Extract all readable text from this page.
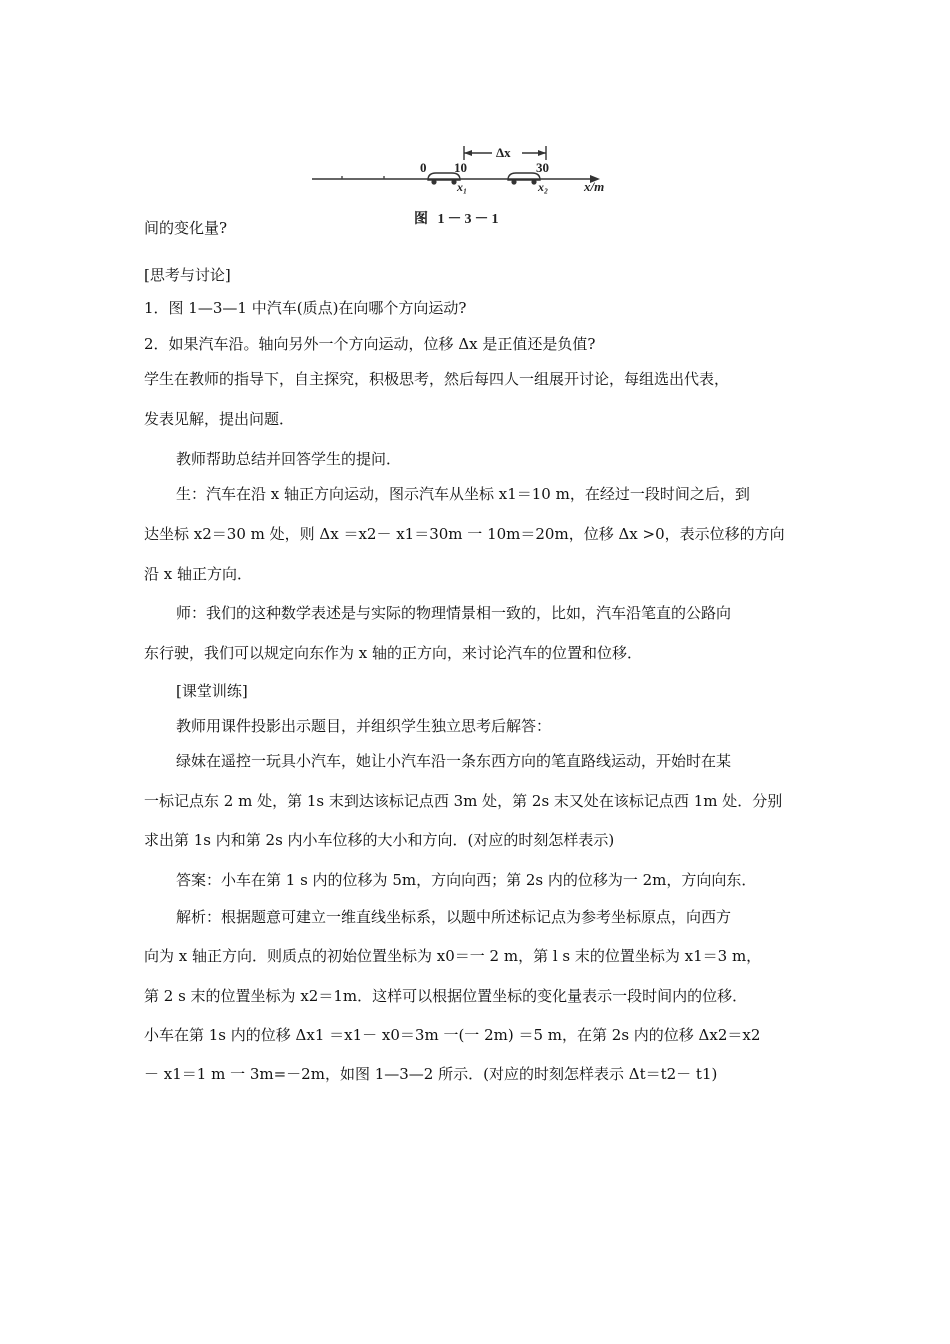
Δx
0 10	30
x₁	x₂	x/m
图 1－3－1
间的变化量?
[思考与讨论]
1．图 1—3—1 中汽车(质点)在向哪个方向运动?
2．如果汽车沿。轴向另外一个方向运动，位移 Δx 是正值还是负值?
学生在教师的指导下，自主探究，积极思考，然后每四人一组展开讨论，每组选出代表，
发表见解，提出问题．
教师帮助总结并回答学生的提问．
生：汽车在沿 x 轴正方向运动，图示汽车从坐标 x1＝10 m，在经过一段时间之后，到
达坐标 x2＝30 m 处，则 Δx ＝x2－ x1＝30m 一 10m＝20m，位移 Δx >0，表示位移的方向
沿 x 轴正方向．
师：我们的这种数学表述是与实际的物理情景相一致的，比如，汽车沿笔直的公路向
东行驶，我们可以规定向东作为 x 轴的正方向，来讨论汽车的位置和位移．
[课堂训练]
教师用课件投影出示题目，并组织学生独立思考后解答：
绿妹在遥控一玩具小汽车，她让小汽车沿一条东西方向的笔直路线运动，开始时在某
一标记点东 2 m 处，第 1s 末到达该标记点西 3m 处，第 2s 末又处在该标记点西 1m 处．分别
求出第 1s 内和第 2s 内小车位移的大小和方向．(对应的时刻怎样表示)
答案：小车在第 1 s 内的位移为 5m，方向向西；第 2s 内的位移为一 2m，方向向东．
解析：根据题意可建立一维直线坐标系，以题中所述标记点为参考坐标原点，向西方
向为 x 轴正方向．则质点的初始位置坐标为 x0＝一 2 m，第 l s 末的位置坐标为 x1＝3 m，
第 2 s 末的位置坐标为 x2＝1m．这样可以根据位置坐标的变化量表示一段时间内的位移．
小车在第 1s 内的位移 Δx1 ＝x1－ x0＝3m 一(一 2m) ＝5 m，在第 2s 内的位移 Δx2＝x2
－ x1＝1 m 一 3m=－2m，如图 1—3—2 所示．(对应的时刻怎样表示 Δt＝t2－ t1)
